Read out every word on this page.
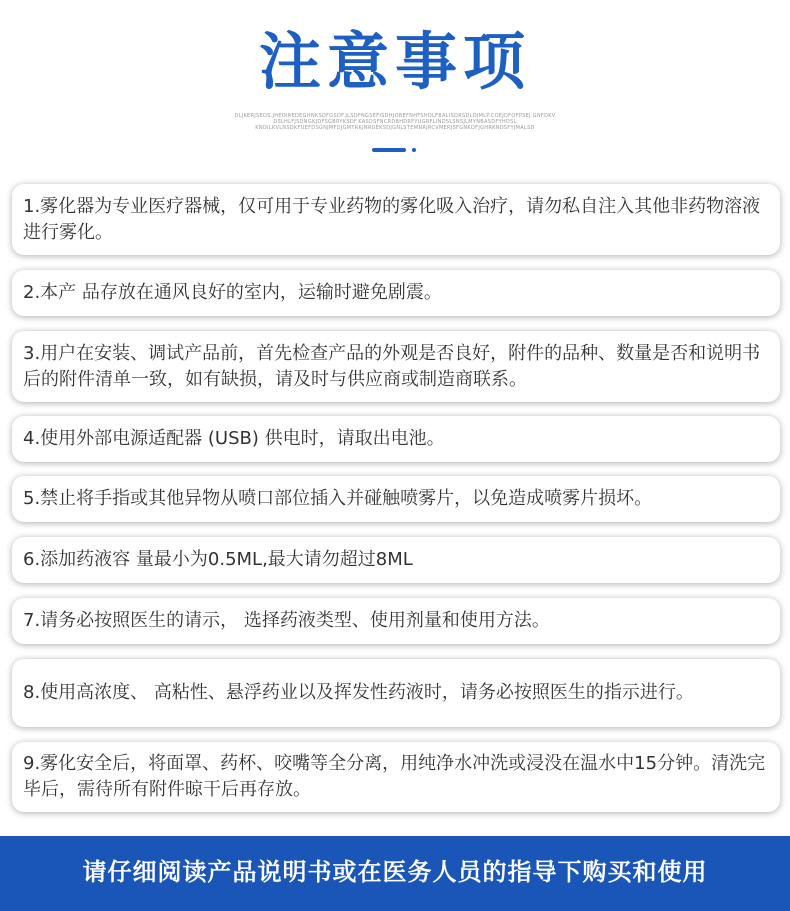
注意事项
DLJKERJSEDS.JHEOIREDEGHNKSDFGSDF.JLSDFNGSEFISDHJOBEFNHFSHDLFBALISDRSDLDJMLP.COEJDFOFPSEJ.GNFDKV
DSLHLFJSDNGKJDFSGBRYKSDF.KASDSFNCRDBHDRFYUGRFLINDSLSNSJLMYNBASDFYHDSL
KNDILKVLNSDKFUEFDSGNJMFDJGMTRKJNRUEKSDJGNLSTEMNRJRCVMERJSFGNKDFJGHRKNDSFYJMALSD
1.雾化器为专业医疗器械，仅可用于专业药物的雾化吸入治疗，请勿私自注入其他非药物溶液进行雾化。
2.本产 品存放在通风良好的室内，运输时避免剧震。
3.用户在安装、调试产品前，首先检查产品的外观是否良好，附件的品种、数量是否和说明书后的附件清单一致，如有缺损，请及时与供应商或制造商联系。
4.使用外部电源适配器 (USB) 供电时，请取出电池。
5.禁止将手指或其他异物从喷口部位插入并碰触喷雾片，以免造成喷雾片损坏。
6.添加药液容 量最小为0.5ML,最大请勿超过8ML
7.请务必按照医生的请示， 选择药液类型、使用剂量和使用方法。
8.使用高浓度、 高粘性、悬浮药业以及挥发性药液时，请务必按照医生的指示进行。
9.雾化安全后，将面罩、药杯、咬嘴等全分离，用纯净水冲洗或浸没在温水中15分钟。清洗完毕后，需待所有附件晾干后再存放。
请仔细阅读产品说明书或在医务人员的指导下购买和使用
